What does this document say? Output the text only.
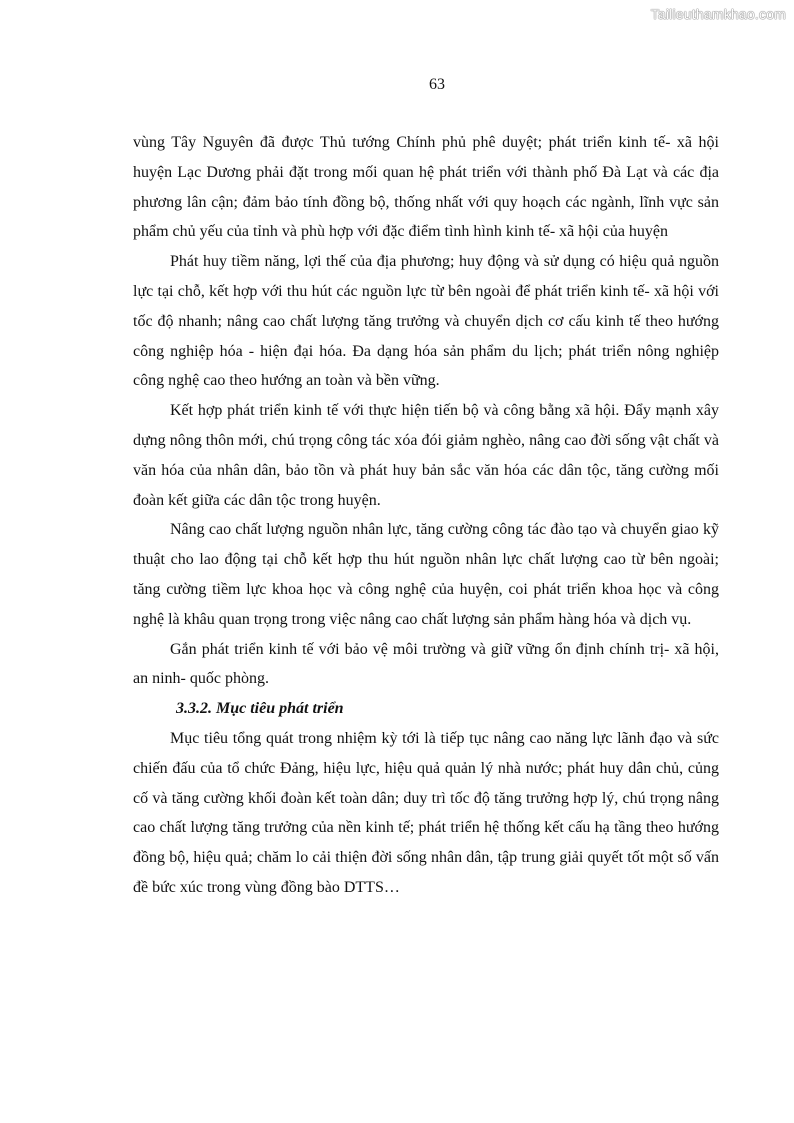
Tailieuthamkhao.com
63

vùng Tây Nguyên đã được Thủ tướng Chính phủ phê duyệt; phát triển kinh tế- xã hội huyện Lạc Dương phải đặt trong mối quan hệ phát triển với thành phố Đà Lạt và các địa phương lân cận; đảm bảo tính đồng bộ, thống nhất với quy hoạch các ngành, lĩnh vực sản phẩm chủ yếu của tỉnh và phù hợp với đặc điểm tình hình kinh tế- xã hội của huyện

Phát huy tiềm năng, lợi thế của địa phương; huy động và sử dụng có hiệu quả nguồn lực tại chỗ, kết hợp với thu hút các nguồn lực từ bên ngoài để phát triển kinh tế- xã hội với tốc độ nhanh; nâng cao chất lượng tăng trưởng và chuyển dịch cơ cấu kinh tế theo hướng công nghiệp hóa - hiện đại hóa. Đa dạng hóa sản phẩm du lịch; phát triển nông nghiệp công nghệ cao theo hướng an toàn và bền vững.

Kết hợp phát triển kinh tế với thực hiện tiến bộ và công bằng xã hội. Đẩy mạnh xây dựng nông thôn mới, chú trọng công tác xóa đói giảm nghèo, nâng cao đời sống vật chất và văn hóa của nhân dân, bảo tồn và phát huy bản sắc văn hóa các dân tộc, tăng cường mối đoàn kết giữa các dân tộc trong huyện.

Nâng cao chất lượng nguồn nhân lực, tăng cường công tác đào tạo và chuyển giao kỹ thuật cho lao động tại chỗ kết hợp thu hút nguồn nhân lực chất lượng cao từ bên ngoài; tăng cường tiềm lực khoa học và công nghệ của huyện, coi phát triển khoa học và công nghệ là khâu quan trọng trong việc nâng cao chất lượng sản phẩm hàng hóa và dịch vụ.

Gắn phát triển kinh tế với bảo vệ môi trường và giữ vững ổn định chính trị- xã hội, an ninh- quốc phòng.

3.3.2. Mục tiêu phát triển

Mục tiêu tổng quát trong nhiệm kỳ tới là tiếp tục nâng cao năng lực lãnh đạo và sức chiến đấu của tổ chức Đảng, hiệu lực, hiệu quả quản lý nhà nước; phát huy dân chủ, củng cố và tăng cường khối đoàn kết toàn dân; duy trì tốc độ tăng trưởng hợp lý, chú trọng nâng cao chất lượng tăng trưởng của nền kinh tế; phát triển hệ thống kết cấu hạ tầng theo hướng đồng bộ, hiệu quả; chăm lo cải thiện đời sống nhân dân, tập trung giải quyết tốt một số vấn đề bức xúc trong vùng đồng bào DTTS…
